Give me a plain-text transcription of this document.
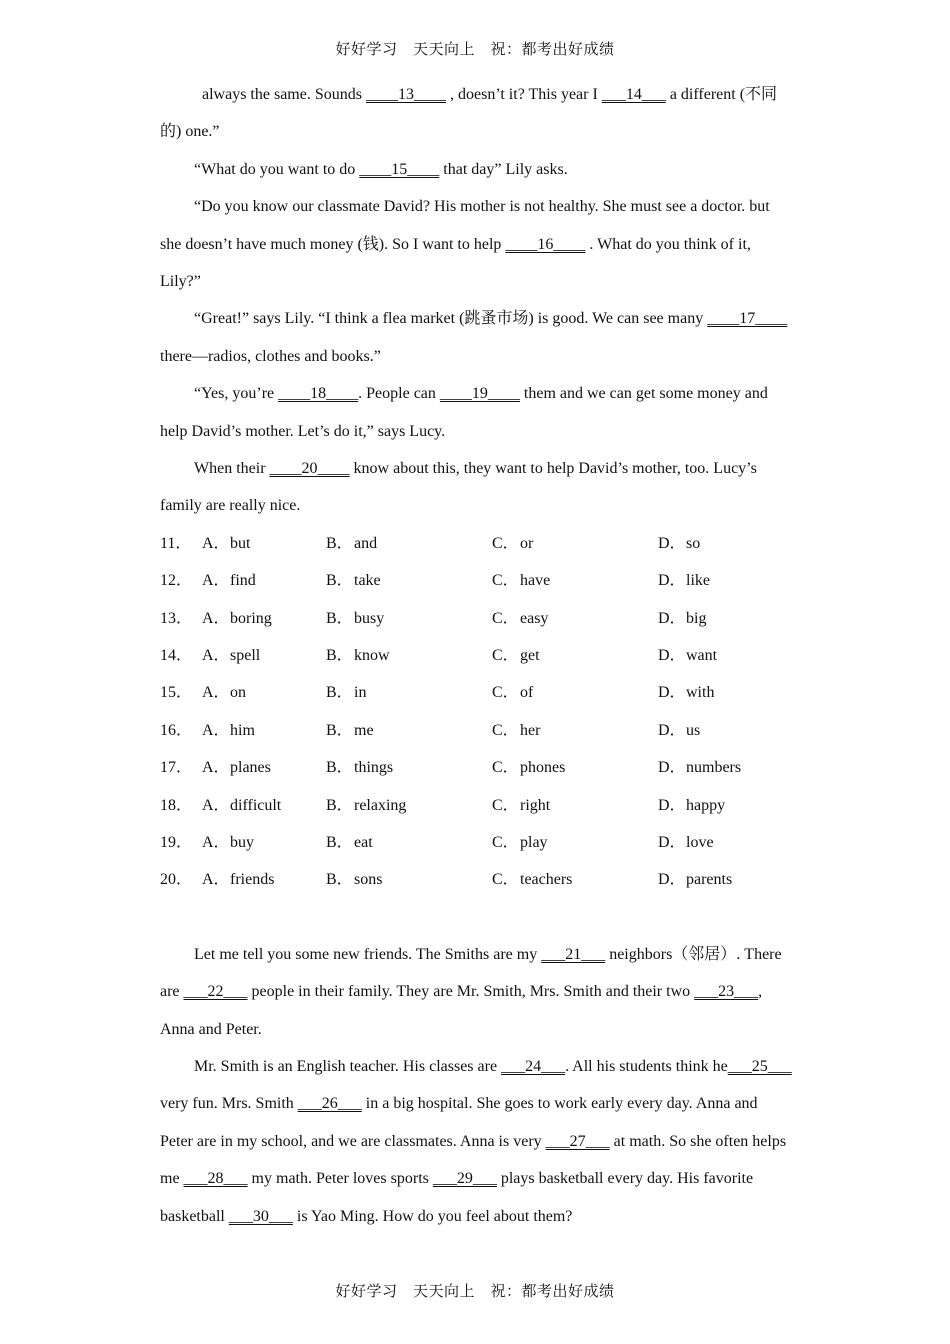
好好学习　天天向上　祝：都考出好成绩

always the same. Sounds ____13____ , doesn’t it? This year I ___14___ a different (不同的) one.”

“What do you want to do ____15____ that day” Lily asks.

“Do you know our classmate David? His mother is not healthy. She must see a doctor. but she doesn’t have much money (钱). So I want to help ____16____ . What do you think of it, Lily?”

“Great!” says Lily. “I think a flea market (跳蚤市场) is good. We can see many ____17____ there—radios, clothes and books.”

“Yes, you’re ____18____. People can ____19____ them and we can get some money and help David’s mother. Let’s do it,” says Lucy.

When their ____20____ know about this, they want to help David’s mother, too. Lucy’s family are really nice.

11． A． but	B． and	C． or	D． so
12． A． find	B． take	C． have	D． like
13． A． boring	B． busy	C． easy	D． big
14． A． spell	B． know	C． get	D． want
15． A． on	B． in	C． of	D． with
16． A． him	B． me	C． her	D． us
17． A． planes	B． things	C． phones	D． numbers
18． A． difficult	B． relaxing	C． right	D． happy
19． A． buy	B． eat	C． play	D． love
20． A． friends	B． sons	C． teachers	D． parents

Let me tell you some new friends. The Smiths are my ___21___ neighbors（邻居）. There are ___22___ people in their family. They are Mr. Smith, Mrs. Smith and their two ___23___, Anna and Peter.

Mr. Smith is an English teacher. His classes are ___24___. All his students think he___25___ very fun. Mrs. Smith ___26___ in a big hospital. She goes to work early every day. Anna and Peter are in my school, and we are classmates. Anna is very ___27___ at math. So she often helps me ___28___ my math. Peter loves sports ___29___ plays basketball every day. His favorite basketball ___30___ is Yao Ming. How do you feel about them?

好好学习　天天向上　祝：都考出好成绩
